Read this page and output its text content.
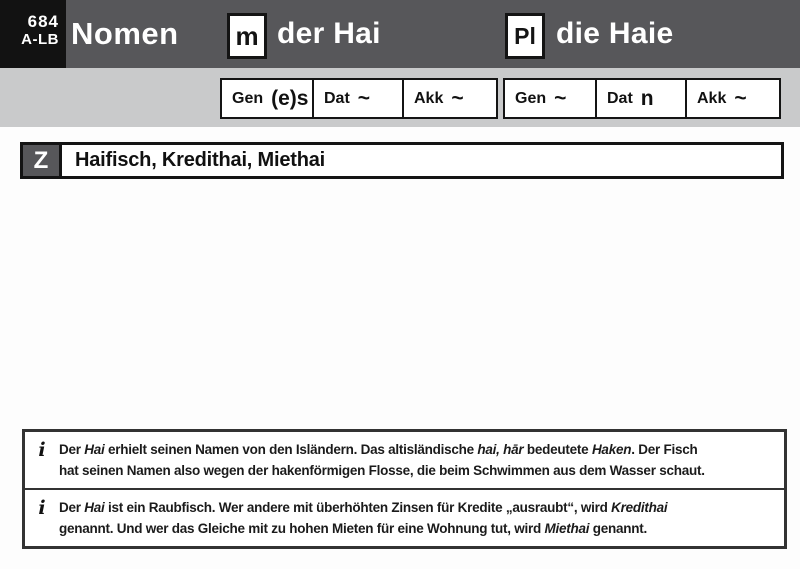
684
A-LB Nomen m der Hai	Pl die Haie
Gen (e)s Dat ~	Akk ~	Gen ~	Dat n	Akk ~
Z	Haifisch, Kredithai, Miethai
i Der Hai erhielt seinen Namen von den Isländern. Das altisländische hai, hār bedeutete Haken. Der Fisch
hat seinen Namen also wegen der hakenförmigen Flosse, die beim Schwimmen aus dem Wasser schaut.
i Der Hai ist ein Raubfisch. Wer andere mit überhöhten Zinsen für Kredite „ausraubt“, wird Kredithai
genannt. Und wer das Gleiche mit zu hohen Mieten für eine Wohnung tut, wird Miethai genannt.
